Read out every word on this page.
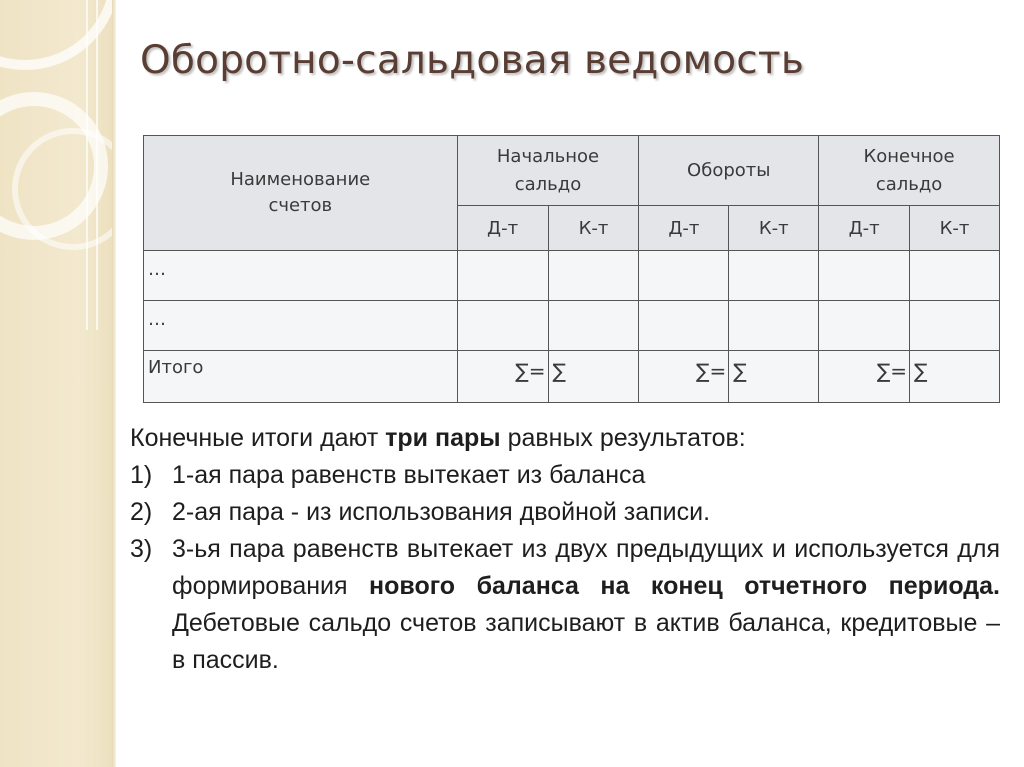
Оборотно-сальдовая ведомость
Наименование счетов	Начальное сальдо		Обороты		Конечное сальдо	

	Д-т	К-т	Д-т	К-т	Д-т	К-т
…						
…						
Итого	∑=	∑	∑=	∑	∑=	∑
Конечные итоги дают три пары равных результатов:
1) 1-ая пара равенств вытекает из баланса
2) 2-ая пара - из использования двойной записи.
3) 3-ья пара равенств вытекает из двух предыдущих и используется для формирования нового баланса на конец отчетного периода. Дебетовые сальдо счетов записывают в актив баланса, кредитовые – в пассив.
